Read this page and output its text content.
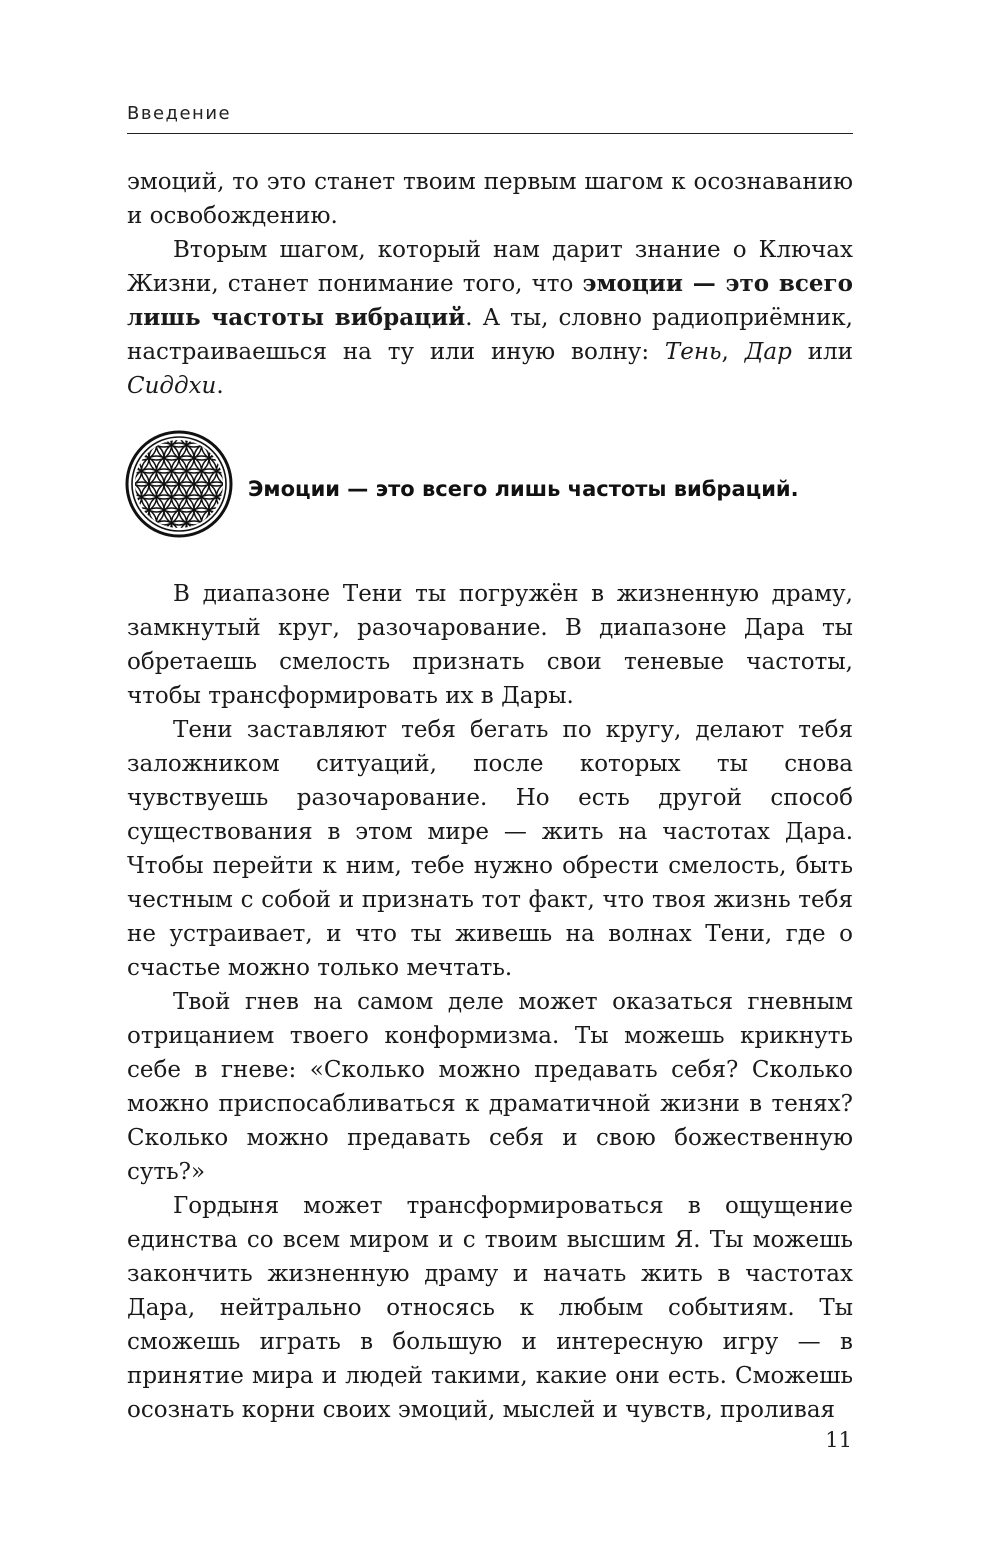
Введение

эмоций, то это станет твоим первым шагом к осознаванию и освобождению.

Вторым шагом, который нам дарит знание о Ключах Жизни, станет понимание того, что эмоции — это всего лишь частоты вибраций. А ты, словно радиоприёмник, настраиваешься на ту или иную волну: Тень, Дар или Сиддхи.

Эмоции — это всего лишь частоты вибраций.

В диапазоне Тени ты погружён в жизненную драму, замкнутый круг, разочарование. В диапазоне Дара ты обретаешь смелость признать свои теневые частоты, чтобы трансформировать их в Дары.

Тени заставляют тебя бегать по кругу, делают тебя заложником ситуаций, после которых ты снова чувствуешь разочарование. Но есть другой способ существования в этом мире — жить на частотах Дара. Чтобы перейти к ним, тебе нужно обрести смелость, быть честным с собой и признать тот факт, что твоя жизнь тебя не устраивает, и что ты живешь на волнах Тени, где о счастье можно только мечтать.

Твой гнев на самом деле может оказаться гневным отрицанием твоего конформизма. Ты можешь крикнуть себе в гневе: «Сколько можно предавать себя? Сколько можно приспосабливаться к драматичной жизни в тенях? Сколько можно предавать себя и свою божественную суть?»

Гордыня может трансформироваться в ощущение единства со всем миром и с твоим высшим Я. Ты можешь закончить жизненную драму и начать жить в частотах Дара, нейтрально относясь к любым событиям. Ты сможешь играть в большую и интересную игру — в принятие мира и людей такими, какие они есть. Сможешь осознать корни своих эмоций, мыслей и чувств, проливая

11
